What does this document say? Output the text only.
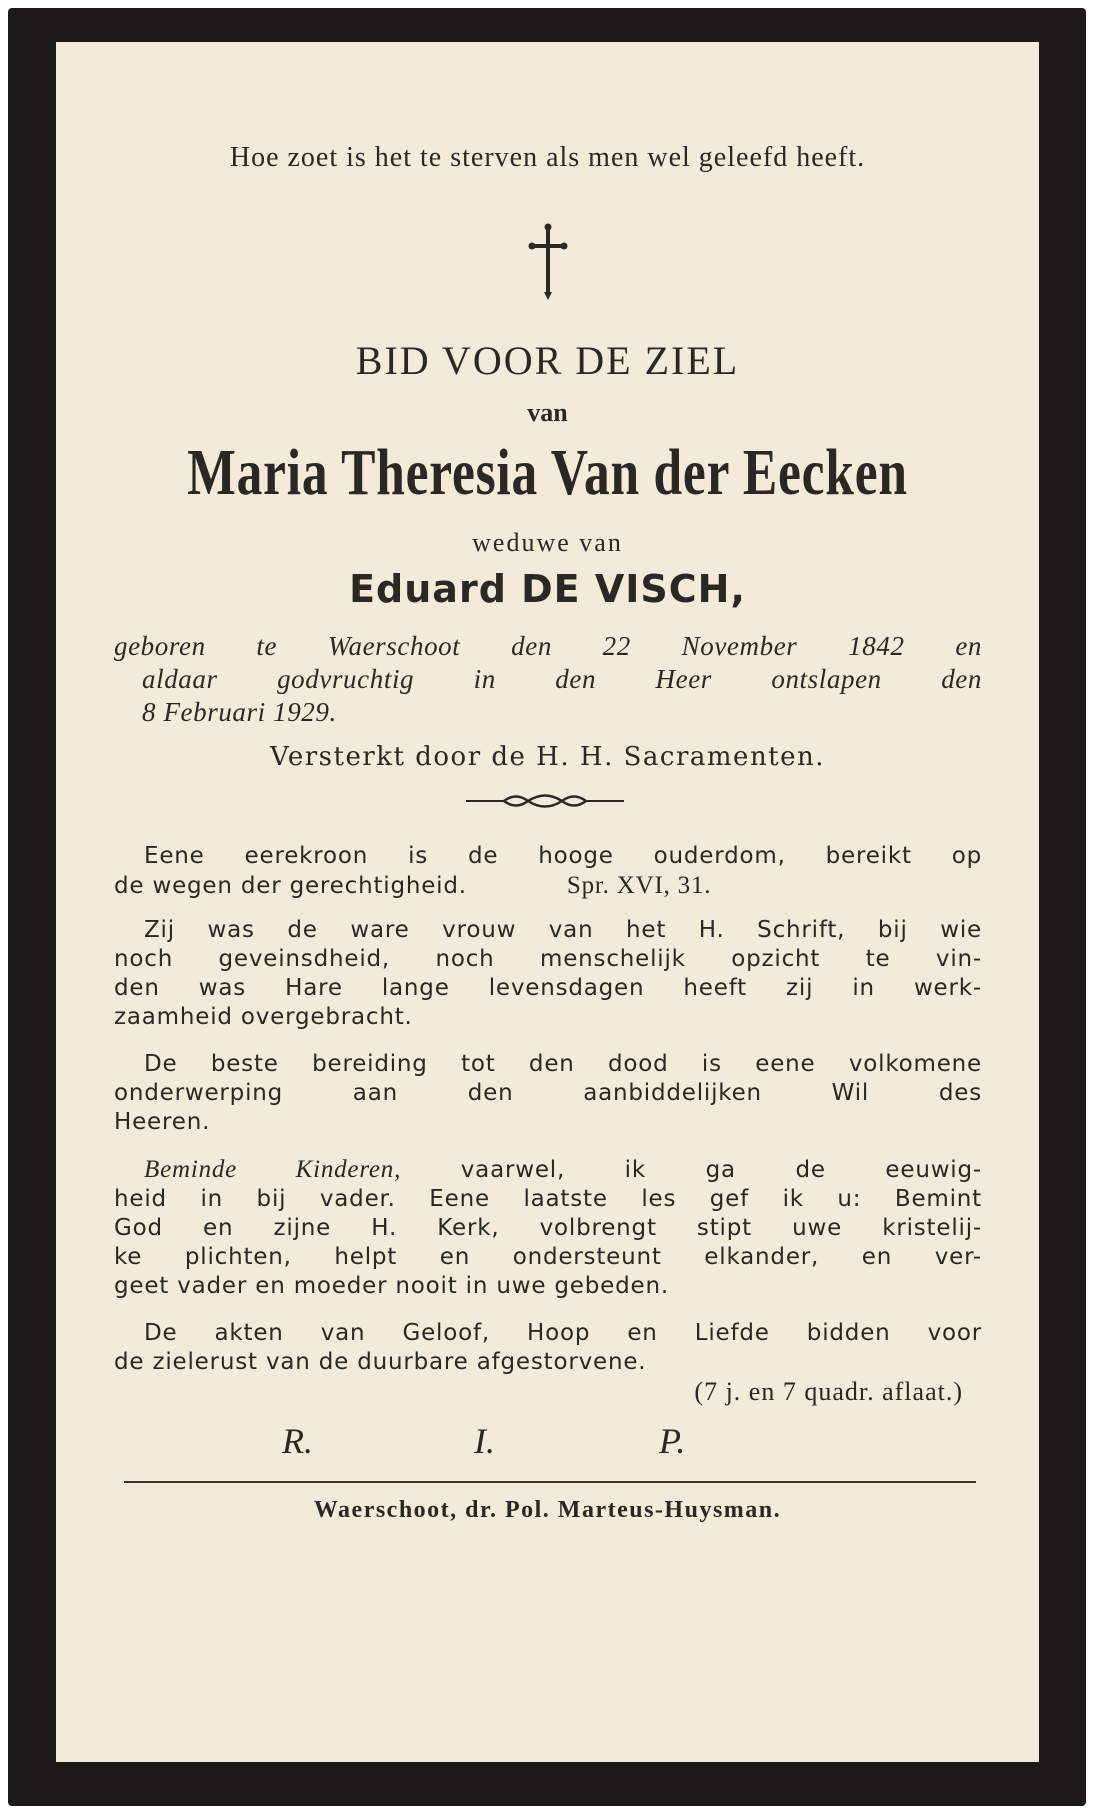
Hoe zoet is het te sterven als men wel geleefd heeft.
BID VOOR DE ZIEL
van
Maria Theresia Van der Eecken
weduwe van
Eduard DE VISCH,
geboren te Waerschoot den 22 November 1842 en
aldaar godvruchtig in den Heer ontslapen den
8 Februari 1929.
Versterkt door de H. H. Sacramenten.
Eene eerekroon is de hooge ouderdom, bereikt op
de wegen der gerechtigheid.	Spr. XVI, 31.
Zij was de ware vrouw van het H. Schrift, bij wie
noch geveinsdheid, noch menschelijk opzicht te vin-
den was Hare lange levensdagen heeft zij in werk-
zaamheid overgebracht.
De beste bereiding tot den dood is eene volkomene
onderwerping aan den aanbiddelijken Wil des
Heeren.
Beminde Kinderen, vaarwel, ik ga de eeuwig-
heid in bij vader. Eene laatste les gef ik u: Bemint
God en zijne H. Kerk, volbrengt stipt uwe kristelij-
ke plichten, helpt en ondersteunt elkander, en ver-
geet vader en moeder nooit in uwe gebeden.
De akten van Geloof, Hoop en Liefde bidden voor
de zielerust van de duurbare afgestorvene.
(7 j. en 7 quadr. aflaat.)
R.	I.	P.
Waerschoot, dr. Pol. Marteus-Huysman.
